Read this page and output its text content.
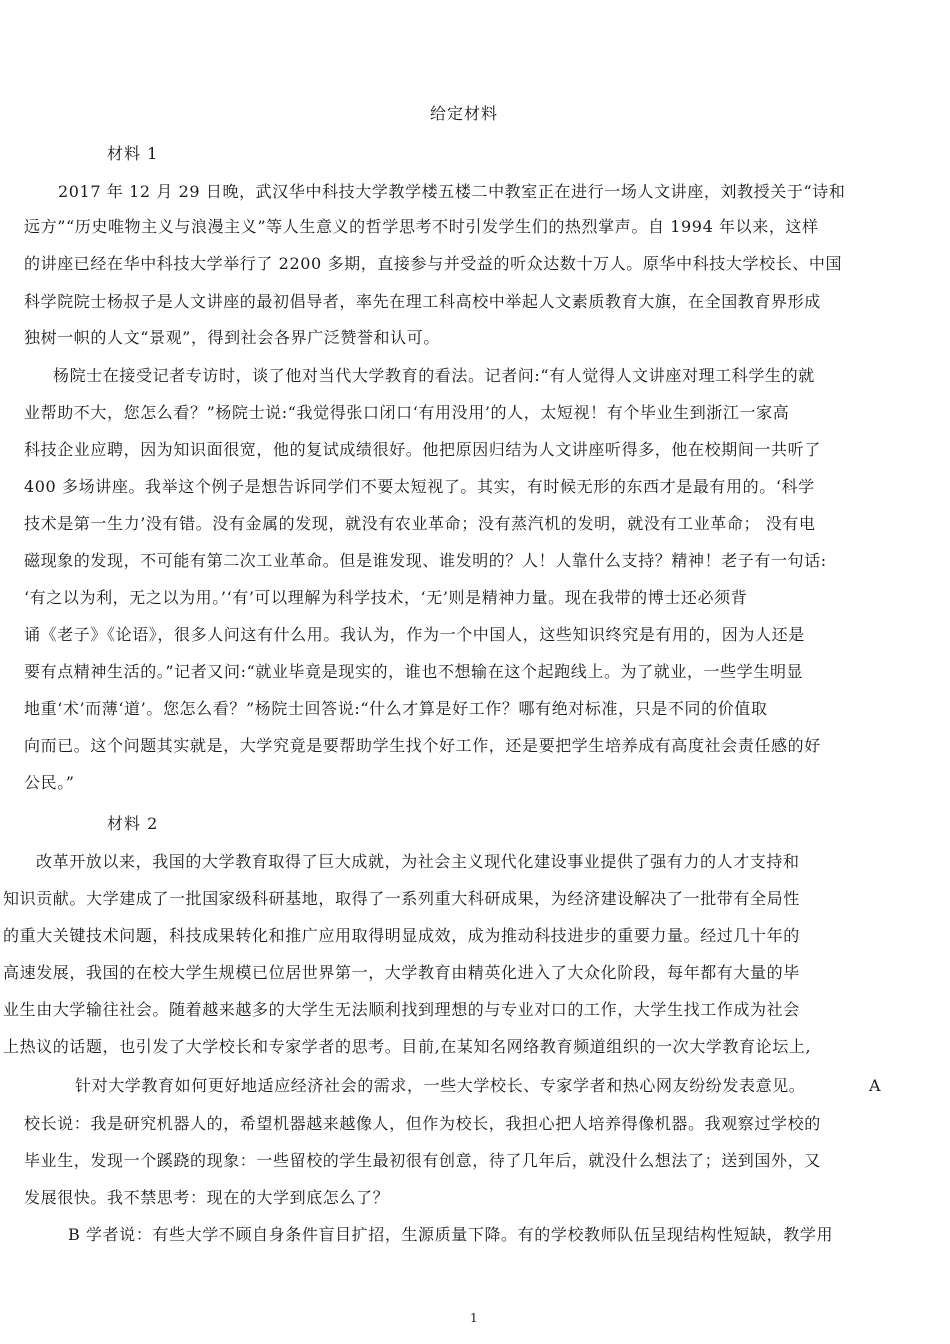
给定材料
材料 1
2017 年 12 月 29 日晚，武汉华中科技大学教学楼五楼二中教室正在进行一场人文讲座，刘教授关于“诗和
远方”“历史唯物主义与浪漫主义”等人生意义的哲学思考不时引发学生们的热烈掌声。自 1994 年以来，这样
的讲座已经在华中科技大学举行了 2200 多期，直接参与并受益的听众达数十万人。原华中科技大学校长、中国
科学院院士杨叔子是人文讲座的最初倡导者，率先在理工科高校中举起人文素质教育大旗，在全国教育界形成
独树一帜的人文“景观”，得到社会各界广泛赞誉和认可。
杨院士在接受记者专访时，谈了他对当代大学教育的看法。记者问:“有人觉得人文讲座对理工科学生的就
业帮助不大，您怎么看？”杨院士说:“我觉得张口闭口‘有用没用’的人，太短视！有个毕业生到浙江一家高
科技企业应聘，因为知识面很宽，他的复试成绩很好。他把原因归结为人文讲座听得多，他在校期间一共听了
400 多场讲座。我举这个例子是想告诉同学们不要太短视了。其实，有时候无形的东西才是最有用的。‘科学
技术是第一生力’没有错。没有金属的发现，就没有农业革命；没有蒸汽机的发明，就没有工业革命； 没有电
磁现象的发现，不可能有第二次工业革命。但是谁发现、谁发明的？人！人靠什么支持？精神！老子有一句话:
‘有之以为利，无之以为用。’‘有’可以理解为科学技术，‘无’则是精神力量。现在我带的博士还必须背
诵《老子》《论语》，很多人问这有什么用。我认为，作为一个中国人，这些知识终究是有用的，因为人还是
要有点精神生活的。”记者又问:“就业毕竟是现实的，谁也不想输在这个起跑线上。为了就业，一些学生明显
地重‘术’而薄‘道’。您怎么看？”杨院士回答说:“什么才算是好工作？哪有绝对标准，只是不同的价值取
向而已。这个问题其实就是，大学究竟是要帮助学生找个好工作，还是要把学生培养成有高度社会责任感的好
公民。”
材料 2
改革开放以来，我国的大学教育取得了巨大成就，为社会主义现代化建设事业提供了强有力的人才支持和
知识贡献。大学建成了一批国家级科研基地，取得了一系列重大科研成果，为经济建设解决了一批带有全局性
的重大关键技术问题，科技成果转化和推广应用取得明显成效，成为推动科技进步的重要力量。经过几十年的
高速发展，我国的在校大学生规模已位居世界第一，大学教育由精英化进入了大众化阶段，每年都有大量的毕
业生由大学输往社会。随着越来越多的大学生无法顺利找到理想的与专业对口的工作，大学生找工作成为社会
上热议的话题，也引发了大学校长和专家学者的思考。目前,在某知名网络教育频道组织的一次大学教育论坛上,
针对大学教育如何更好地适应经济社会的需求，一些大学校长、专家学者和热心网友纷纷发表意见。	A
校长说：我是研究机器人的，希望机器越来越像人，但作为校长，我担心把人培养得像机器。我观察过学校的
毕业生，发现一个蹊跷的现象：一些留校的学生最初很有创意，待了几年后，就没什么想法了；送到国外，又
发展很快。我不禁思考：现在的大学到底怎么了？
B 学者说：有些大学不顾自身条件盲目扩招，生源质量下降。有的学校教师队伍呈现结构性短缺，教学用
1
